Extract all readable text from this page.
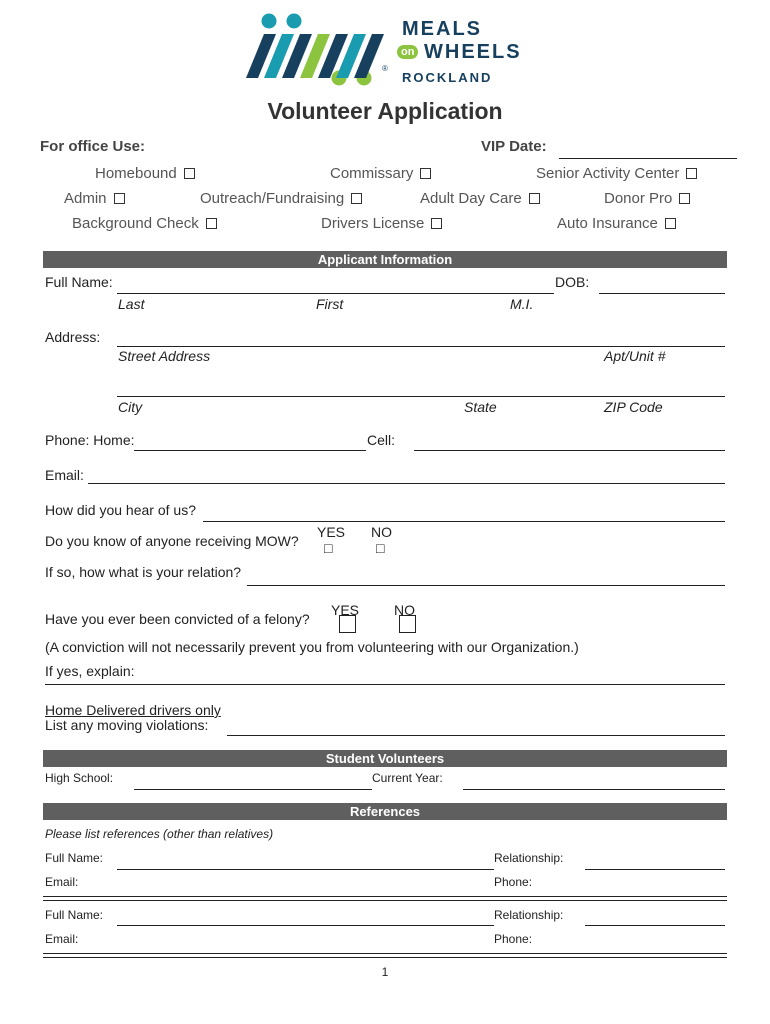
®
MEALS
on WHEELS
ROCKLAND
Volunteer Application
For office Use:	VIP Date:
Homebound	Commissary	Senior Activity Center
Admin	Outreach/Fundraising	Adult Day Care	Donor Pro
Background Check	Drivers License	Auto Insurance
Applicant Information
Full Name:	DOB:
Last	First	M.I.
Address:
Street Address	Apt/Unit #
City	State	ZIP Code
Phone: Home:	Cell:
Email:
How did you hear of us?
Do you know of anyone receiving MOW?
YES NO
□	□
If so, how what is your relation?
Have you ever been convicted of a felony?
YES NO
(A conviction will not necessarily prevent you from volunteering with our Organization.)
If yes, explain:
Home Delivered drivers only
List any moving violations:
Student Volunteers
High School:	Current Year:
References
Please list references (other than relatives)
Full Name:	Relationship:
Email:	Phone:
Full Name:	Relationship:
Email:	Phone:
1
